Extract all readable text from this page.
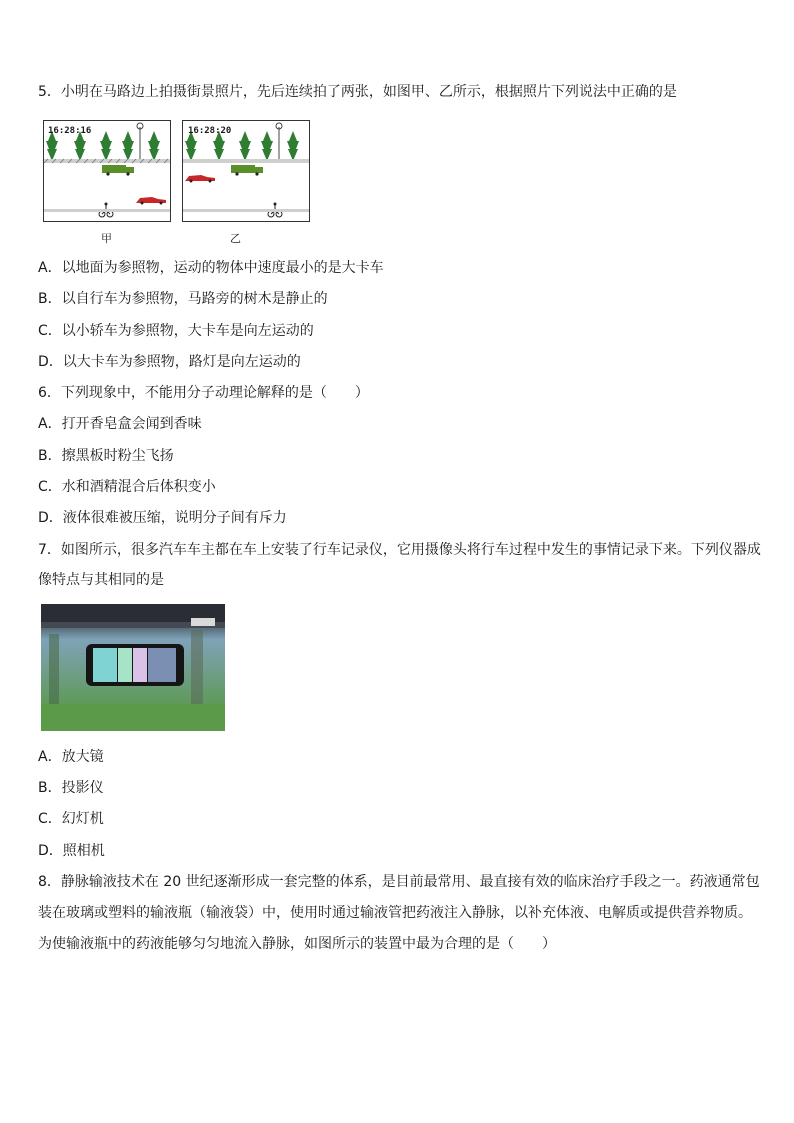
5．小明在马路边上拍摄街景照片，先后连续拍了两张，如图甲、乙所示，根据照片下列说法中正确的是
16:28:16
甲
16:28:20
乙
A．以地面为参照物，运动的物体中速度最小的是大卡车
B．以自行车为参照物，马路旁的树木是静止的
C．以小轿车为参照物，大卡车是向左运动的
D．以大卡车为参照物，路灯是向左运动的
6．下列现象中，不能用分子动理论解释的是（　　）
A．打开香皂盒会闻到香味
B．擦黑板时粉尘飞扬
C．水和酒精混合后体积变小
D．液体很难被压缩，说明分子间有斥力
7．如图所示，很多汽车车主都在车上安装了行车记录仪，它用摄像头将行车过程中发生的事情记录下来。下列仪器成
像特点与其相同的是
A．放大镜
B．投影仪
C．幻灯机
D．照相机
8．静脉输液技术在 20 世纪逐渐形成一套完整的体系，是目前最常用、最直接有效的临床治疗手段之一。药液通常包
装在玻璃或塑料的输液瓶（输液袋）中，使用时通过输液管把药液注入静脉，以补充体液、电解质或提供营养物质。
为使输液瓶中的药液能够匀匀地流入静脉，如图所示的装置中最为合理的是（　　）
